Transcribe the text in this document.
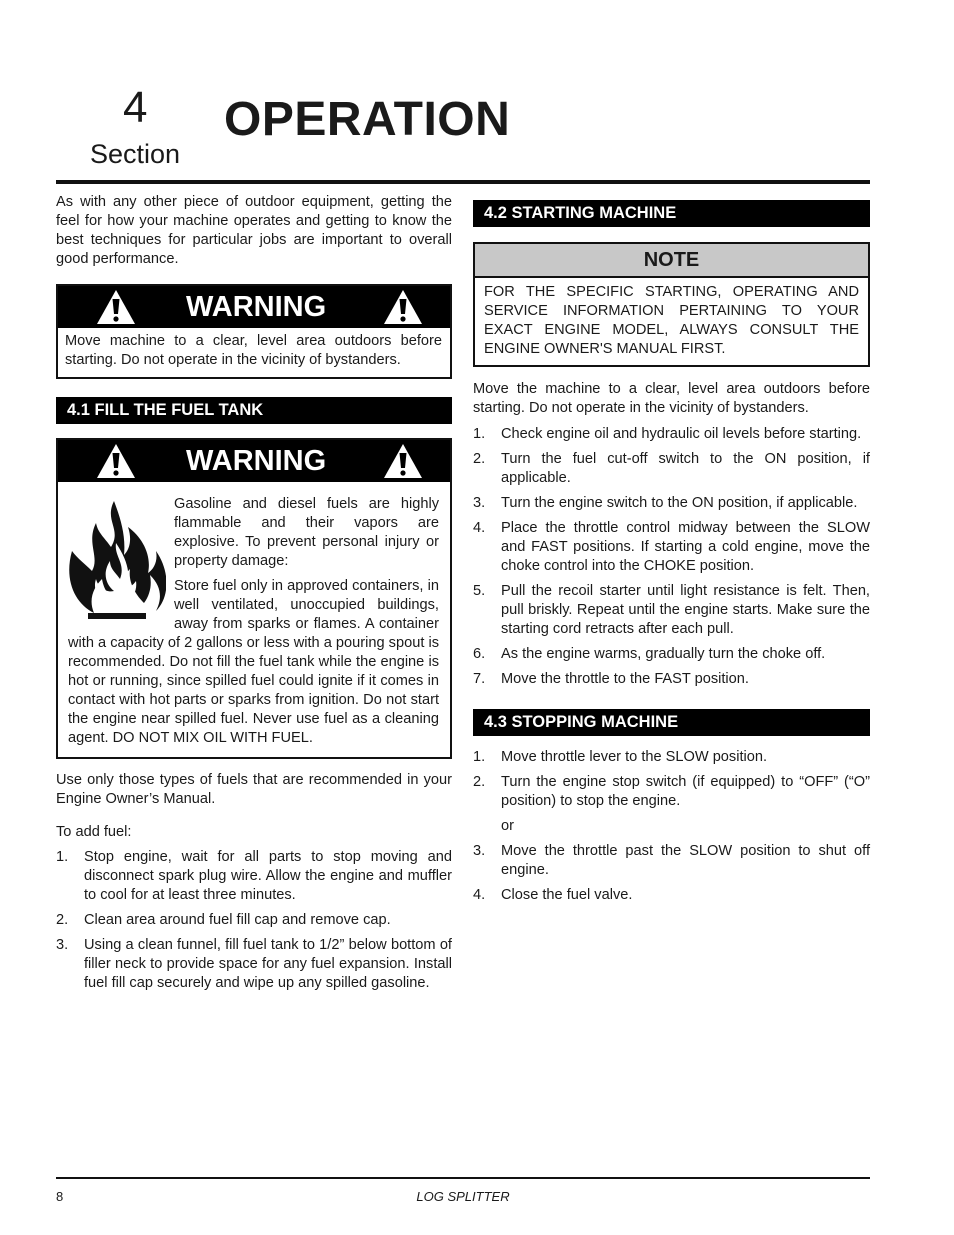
4
Section
OPERATION

As with any other piece of outdoor equipment, getting the feel for how your machine operates and getting to know the best techniques for particular jobs are important to overall good performance.

WARNING

Move machine to a clear, level area outdoors before starting. Do not operate in the vicinity of bystanders.

4.1 FILL THE FUEL TANK
WARNING

Gasoline and diesel fuels are highly flammable and their vapors are explosive. To prevent personal injury or property damage:

Store fuel only in approved containers, in well ventilated, unoccupied buildings, away from sparks or flames. A container with a capacity of 2 gallons or less with a pouring spout is recommended. Do not fill the fuel tank while the engine is hot or running, since spilled fuel could ignite if it comes in contact with hot parts or sparks from ignition. Do not start the engine near spilled fuel. Never use fuel as a cleaning agent. DO NOT MIX OIL WITH FUEL.

Use only those types of fuels that are recommended in your Engine Owner’s Manual.

To add fuel:

1. Stop engine, wait for all parts to stop moving and disconnect spark plug wire. Allow the engine and muffler to cool for at least three minutes.
2. Clean area around fuel fill cap and remove cap.
3. Using a clean funnel, fill fuel tank to 1/2” below bottom of filler neck to provide space for any fuel expansion. Install fuel fill cap securely and wipe up any spilled gasoline.
4.2 STARTING MACHINE
NOTE
FOR THE SPECIFIC STARTING, OPERATING AND SERVICE INFORMATION PERTAINING TO YOUR EXACT ENGINE MODEL, ALWAYS CONSULT THE ENGINE OWNER'S MANUAL FIRST.

Move the machine to a clear, level area outdoors before starting. Do not operate in the vicinity of bystanders.

1. Check engine oil and hydraulic oil levels before starting.
2. Turn the fuel cut-off switch to the ON position, if applicable.
3. Turn the engine switch to the ON position, if applicable.
4. Place the throttle control midway between the SLOW and FAST positions. If starting a cold engine, move the choke control into the CHOKE position.
5. Pull the recoil starter until light resistance is felt. Then, pull briskly. Repeat until the engine starts. Make sure the starting cord retracts after each pull.
6. As the engine warms, gradually turn the choke off.
7. Move the throttle to the FAST position.
4.3 STOPPING MACHINE
1. Move throttle lever to the SLOW position.
2. Turn the engine stop switch (if equipped) to “OFF” (“O” position) to stop the engine.
or
3. Move the throttle past the SLOW position to shut off engine.
4. Close the fuel valve.
8	LOG SPLITTER
